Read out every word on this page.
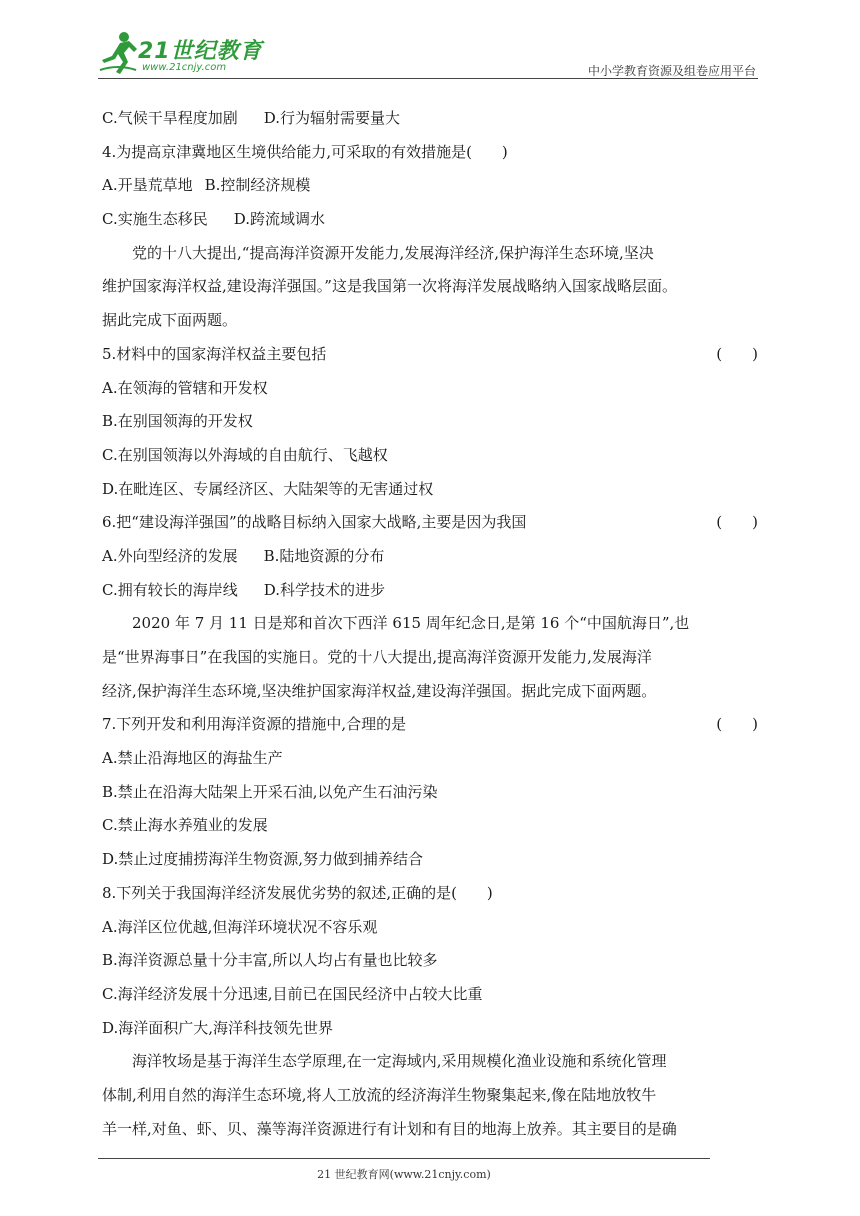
21世纪教育
www.21cnjy.com	中小学教育资源及组卷应用平台
C.气候干旱程度加剧 D.行为辐射需要量大
4.为提高京津冀地区生境供给能力,可采取的有效措施是(　　)
A.开垦荒草地 B.控制经济规模
C.实施生态移民 D.跨流域调水
党的十八大提出,“提高海洋资源开发能力,发展海洋经济,保护海洋生态环境,坚决
维护国家海洋权益,建设海洋强国。”这是我国第一次将海洋发展战略纳入国家战略层面。
据此完成下面两题。
5.材料中的国家海洋权益主要包括	(　　)
A.在领海的管辖和开发权
B.在别国领海的开发权
C.在别国领海以外海域的自由航行、飞越权
D.在毗连区、专属经济区、大陆架等的无害通过权
6.把“建设海洋强国”的战略目标纳入国家大战略,主要是因为我国	(　　)
A.外向型经济的发展 B.陆地资源的分布
C.拥有较长的海岸线 D.科学技术的进步
2020 年 7 月 11 日是郑和首次下西洋 615 周年纪念日,是第 16 个“中国航海日”,也
是“世界海事日”在我国的实施日。党的十八大提出,提高海洋资源开发能力,发展海洋
经济,保护海洋生态环境,坚决维护国家海洋权益,建设海洋强国。据此完成下面两题。
7.下列开发和利用海洋资源的措施中,合理的是	(　　)
A.禁止沿海地区的海盐生产
B.禁止在沿海大陆架上开采石油,以免产生石油污染
C.禁止海水养殖业的发展
D.禁止过度捕捞海洋生物资源,努力做到捕养结合
8.下列关于我国海洋经济发展优劣势的叙述,正确的是(　　)
A.海洋区位优越,但海洋环境状况不容乐观
B.海洋资源总量十分丰富,所以人均占有量也比较多
C.海洋经济发展十分迅速,目前已在国民经济中占较大比重
D.海洋面积广大,海洋科技领先世界
海洋牧场是基于海洋生态学原理,在一定海域内,采用规模化渔业设施和系统化管理
体制,利用自然的海洋生态环境,将人工放流的经济海洋生物聚集起来,像在陆地放牧牛
羊一样,对鱼、虾、贝、藻等海洋资源进行有计划和有目的地海上放养。其主要目的是确
21 世纪教育网(www.21cnjy.com)
